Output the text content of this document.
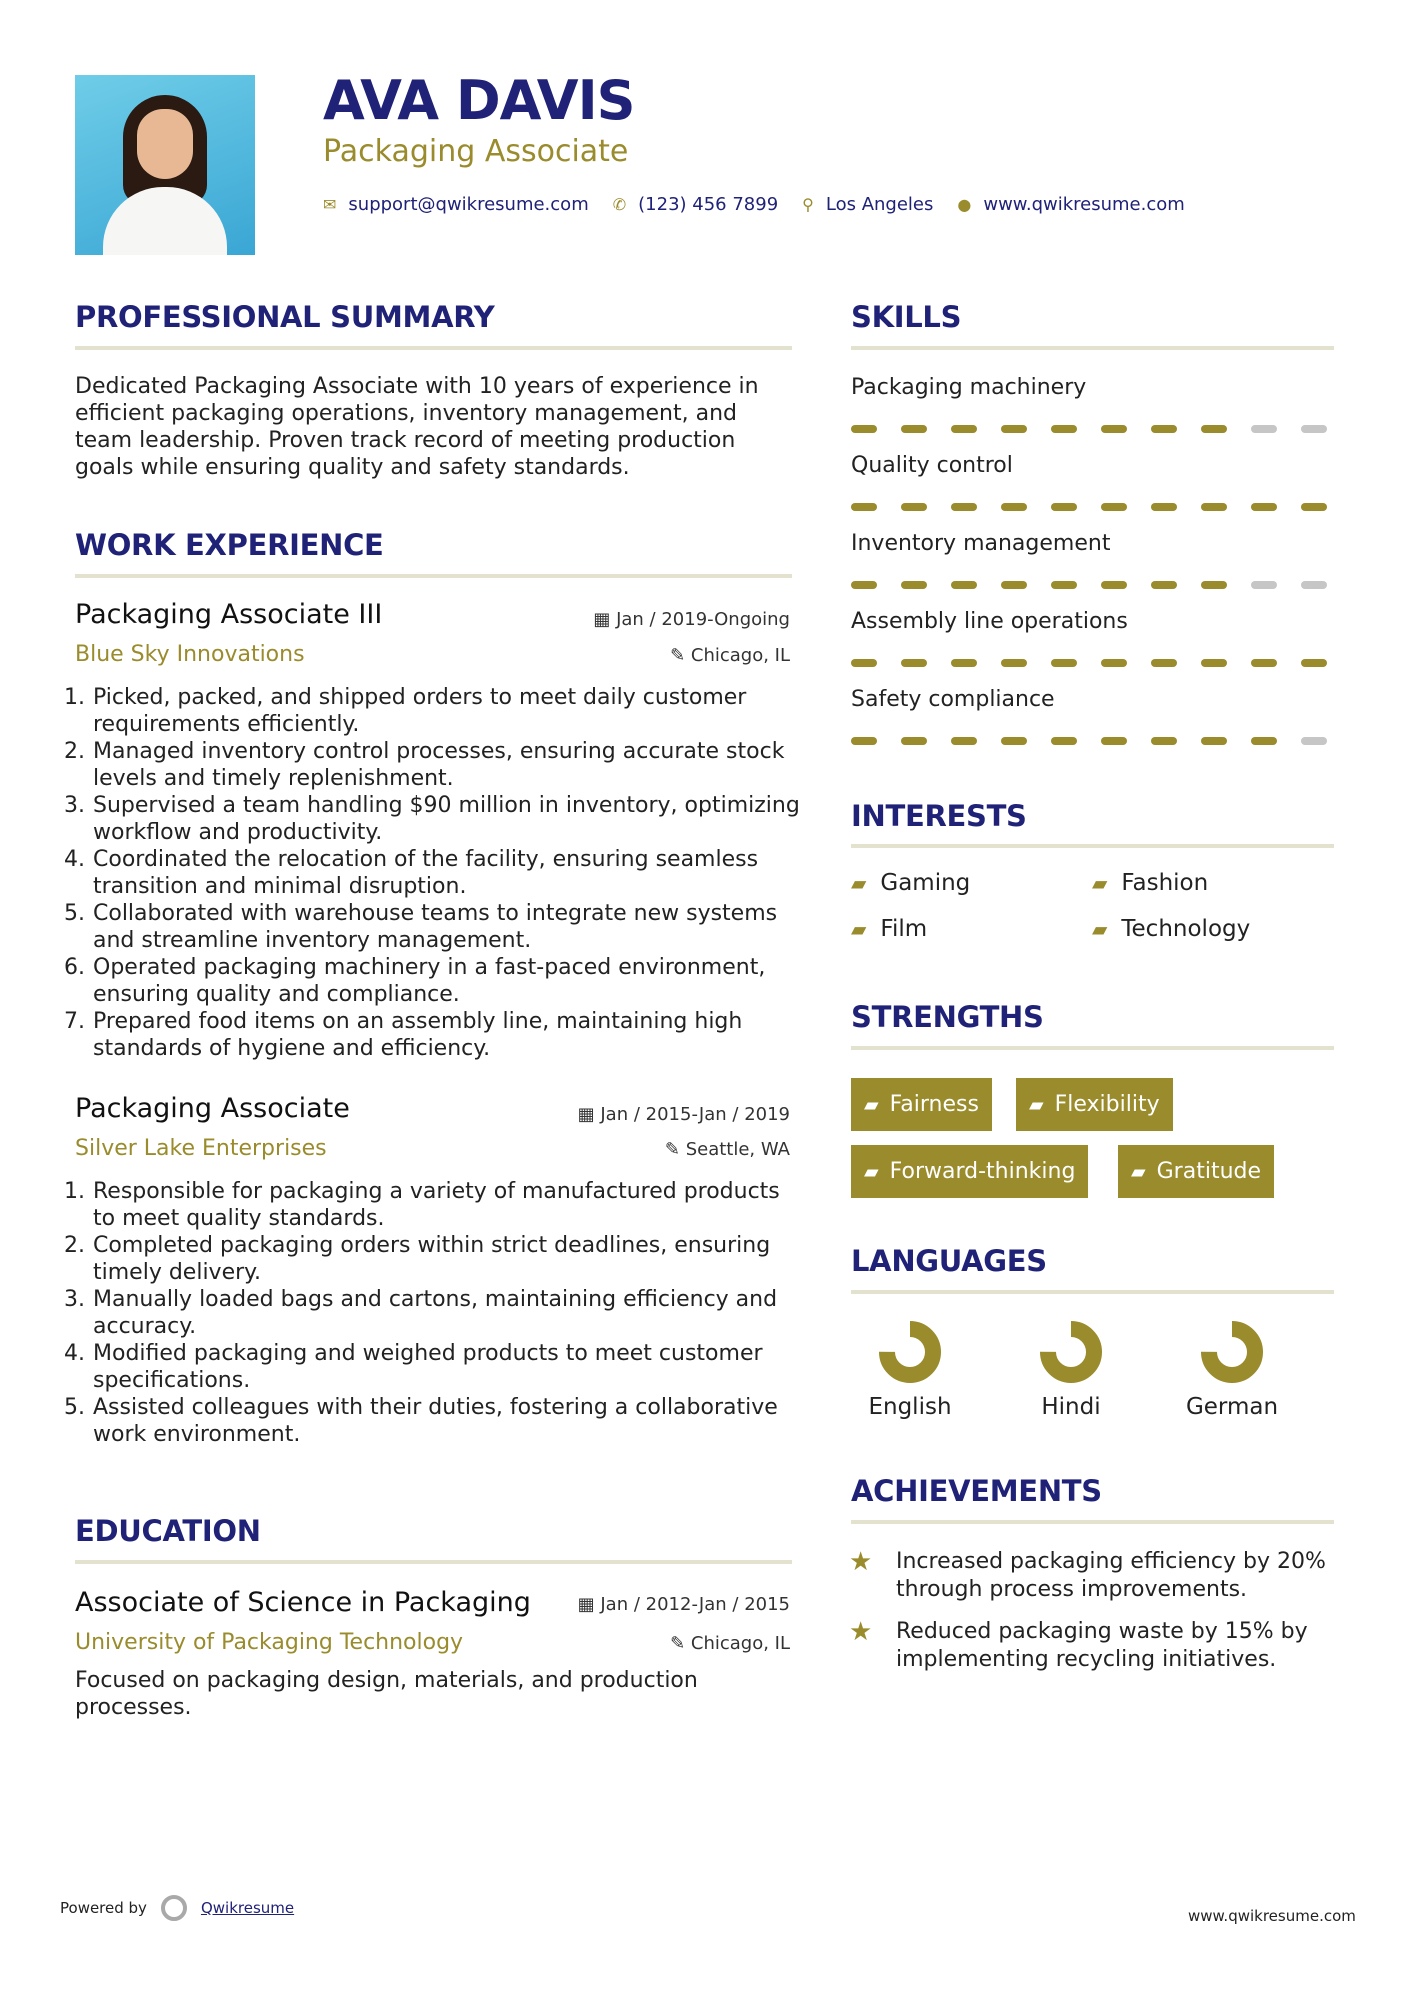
AVA DAVIS
Packaging Associate
✉ support@qwikresume.com ✆ (123) 456 7899 ⚲ Los Angeles ● www.qwikresume.com
PROFESSIONAL SUMMARY
Dedicated Packaging Associate with 10 years of experience in efficient packaging operations, inventory management, and team leadership. Proven track record of meeting production goals while ensuring quality and safety standards.
WORK EXPERIENCE
Packaging Associate III	▦ Jan / 2019-Ongoing
Blue Sky Innovations	✎ Chicago, IL
1. Picked, packed, and shipped orders to meet daily customer requirements efficiently.
2. Managed inventory control processes, ensuring accurate stock levels and timely replenishment.
3. Supervised a team handling $90 million in inventory, optimizing workflow and productivity.
4. Coordinated the relocation of the facility, ensuring seamless transition and minimal disruption.
5. Collaborated with warehouse teams to integrate new systems and streamline inventory management.
6. Operated packaging machinery in a fast-paced environment, ensuring quality and compliance.
7. Prepared food items on an assembly line, maintaining high standards of hygiene and efficiency.
Packaging Associate	▦ Jan / 2015-Jan / 2019
Silver Lake Enterprises	✎ Seattle, WA
1. Responsible for packaging a variety of manufactured products to meet quality standards.
2. Completed packaging orders within strict deadlines, ensuring timely delivery.
3. Manually loaded bags and cartons, maintaining efficiency and accuracy.
4. Modified packaging and weighed products to meet customer specifications.
5. Assisted colleagues with their duties, fostering a collaborative work environment.
EDUCATION
Associate of Science in Packaging	▦ Jan / 2012-Jan / 2015
University of Packaging Technology	✎ Chicago, IL
Focused on packaging design, materials, and production processes.
SKILLS
Packaging machinery
Quality control
Inventory management
Assembly line operations
Safety compliance
INTERESTS
▰ Gaming	▰ Fashion
▰ Film	▰ Technology
STRENGTHS
▰ Fairness	▰ Flexibility
▰ Forward-thinking	▰ Gratitude
LANGUAGES
English	Hindi	German
ACHIEVEMENTS
★	Increased packaging efficiency by 20% through process improvements.
★	Reduced packaging waste by 15% by implementing recycling initiatives.
Powered by	Qwikresume	www.qwikresume.com
